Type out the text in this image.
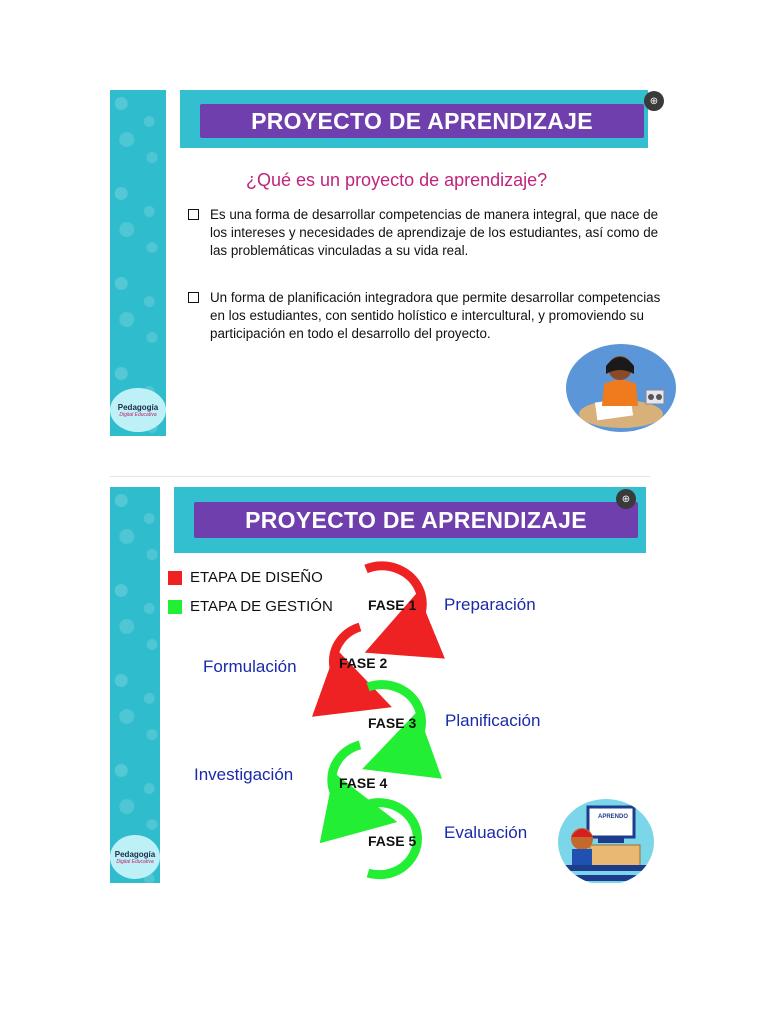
Pedagogía
Digital Educativa
PROYECTO DE APRENDIZAJE
⊕
¿Qué es un proyecto de aprendizaje?
Es una forma de desarrollar competencias de manera integral, que nace de los intereses y necesidades de aprendizaje de los estudiantes, así como de las problemáticas vinculadas a su vida real.
Un forma de planificación integradora que permite desarrollar competencias en los estudiantes, con sentido holístico e intercultural, y promoviendo su participación en todo el desarrollo del proyecto.
Pedagogía
Digital Educativa
PROYECTO DE APRENDIZAJE
⊕
ETAPA DE DISEÑO
ETAPA DE GESTIÓN	FASE 1 Preparación
FASE 2
Formulación
FASE 3 Planificación
FASE 4
Investigación
FASE 5 Evaluación
APRENDO
